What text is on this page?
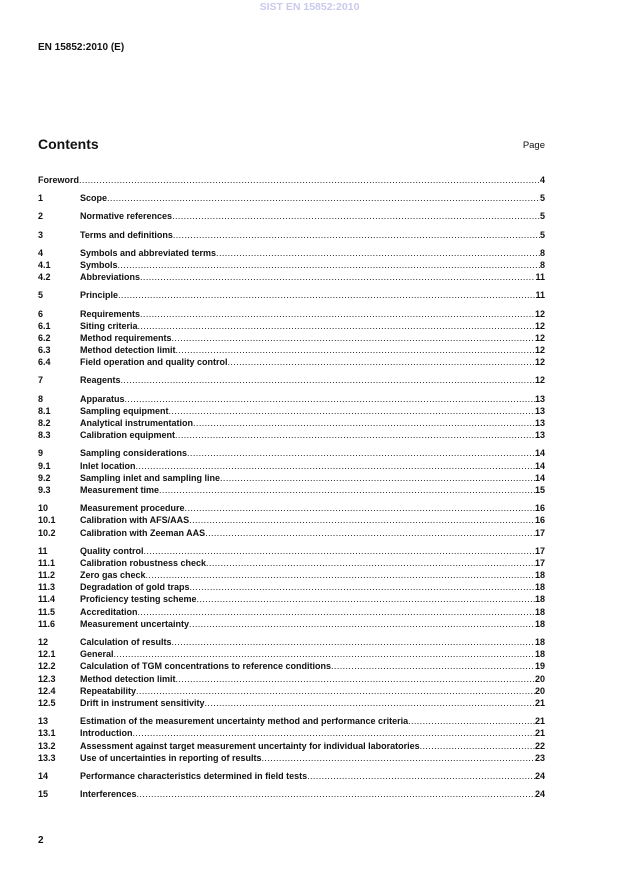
SIST EN 15852:2010
EN 15852:2010 (E)
Contents	Page
Foreword .....	4
1	Scope .....	5
2	Normative references .....	5
3	Terms and definitions .....	5
4	Symbols and abbreviated terms .....	8
4.1	Symbols .....	8
4.2	Abbreviations .....	11
5	Principle .....	11
6	Requirements .....	12
6.1	Siting criteria .....	12
6.2	Method requirements .....	12
6.3	Method detection limit .....	12
6.4	Field operation and quality control .....	12
7	Reagents .....	12
8	Apparatus .....	13
8.1	Sampling equipment .....	13
8.2	Analytical instrumentation .....	13
8.3	Calibration equipment .....	13
9	Sampling considerations .....	14
9.1	Inlet location .....	14
9.2	Sampling inlet and sampling line .....	14
9.3	Measurement time .....	15
10	Measurement procedure .....	16
10.1	Calibration with AFS/AAS .....	16
10.2	Calibration with Zeeman AAS .....	17
11	Quality control .....	17
11.1	Calibration robustness check .....	17
11.2	Zero gas check .....	18
11.3	Degradation of gold traps .....	18
11.4	Proficiency testing scheme .....	18
11.5	Accreditation .....	18
11.6	Measurement uncertainty .....	18
12	Calculation of results .....	18
12.1	General .....	18
12.2	Calculation of TGM concentrations to reference conditions .....	19
12.3	Method detection limit .....	20
12.4	Repeatability .....	20
12.5	Drift in instrument sensitivity .....	21
13	Estimation of the measurement uncertainty method and performance criteria .....	21
13.1	Introduction .....	21
13.2	Assessment against target measurement uncertainty for individual laboratories .....	22
13.3	Use of uncertainties in reporting of results .....	23
14	Performance characteristics determined in field tests .....	24
15	Interferences .....	24
2
